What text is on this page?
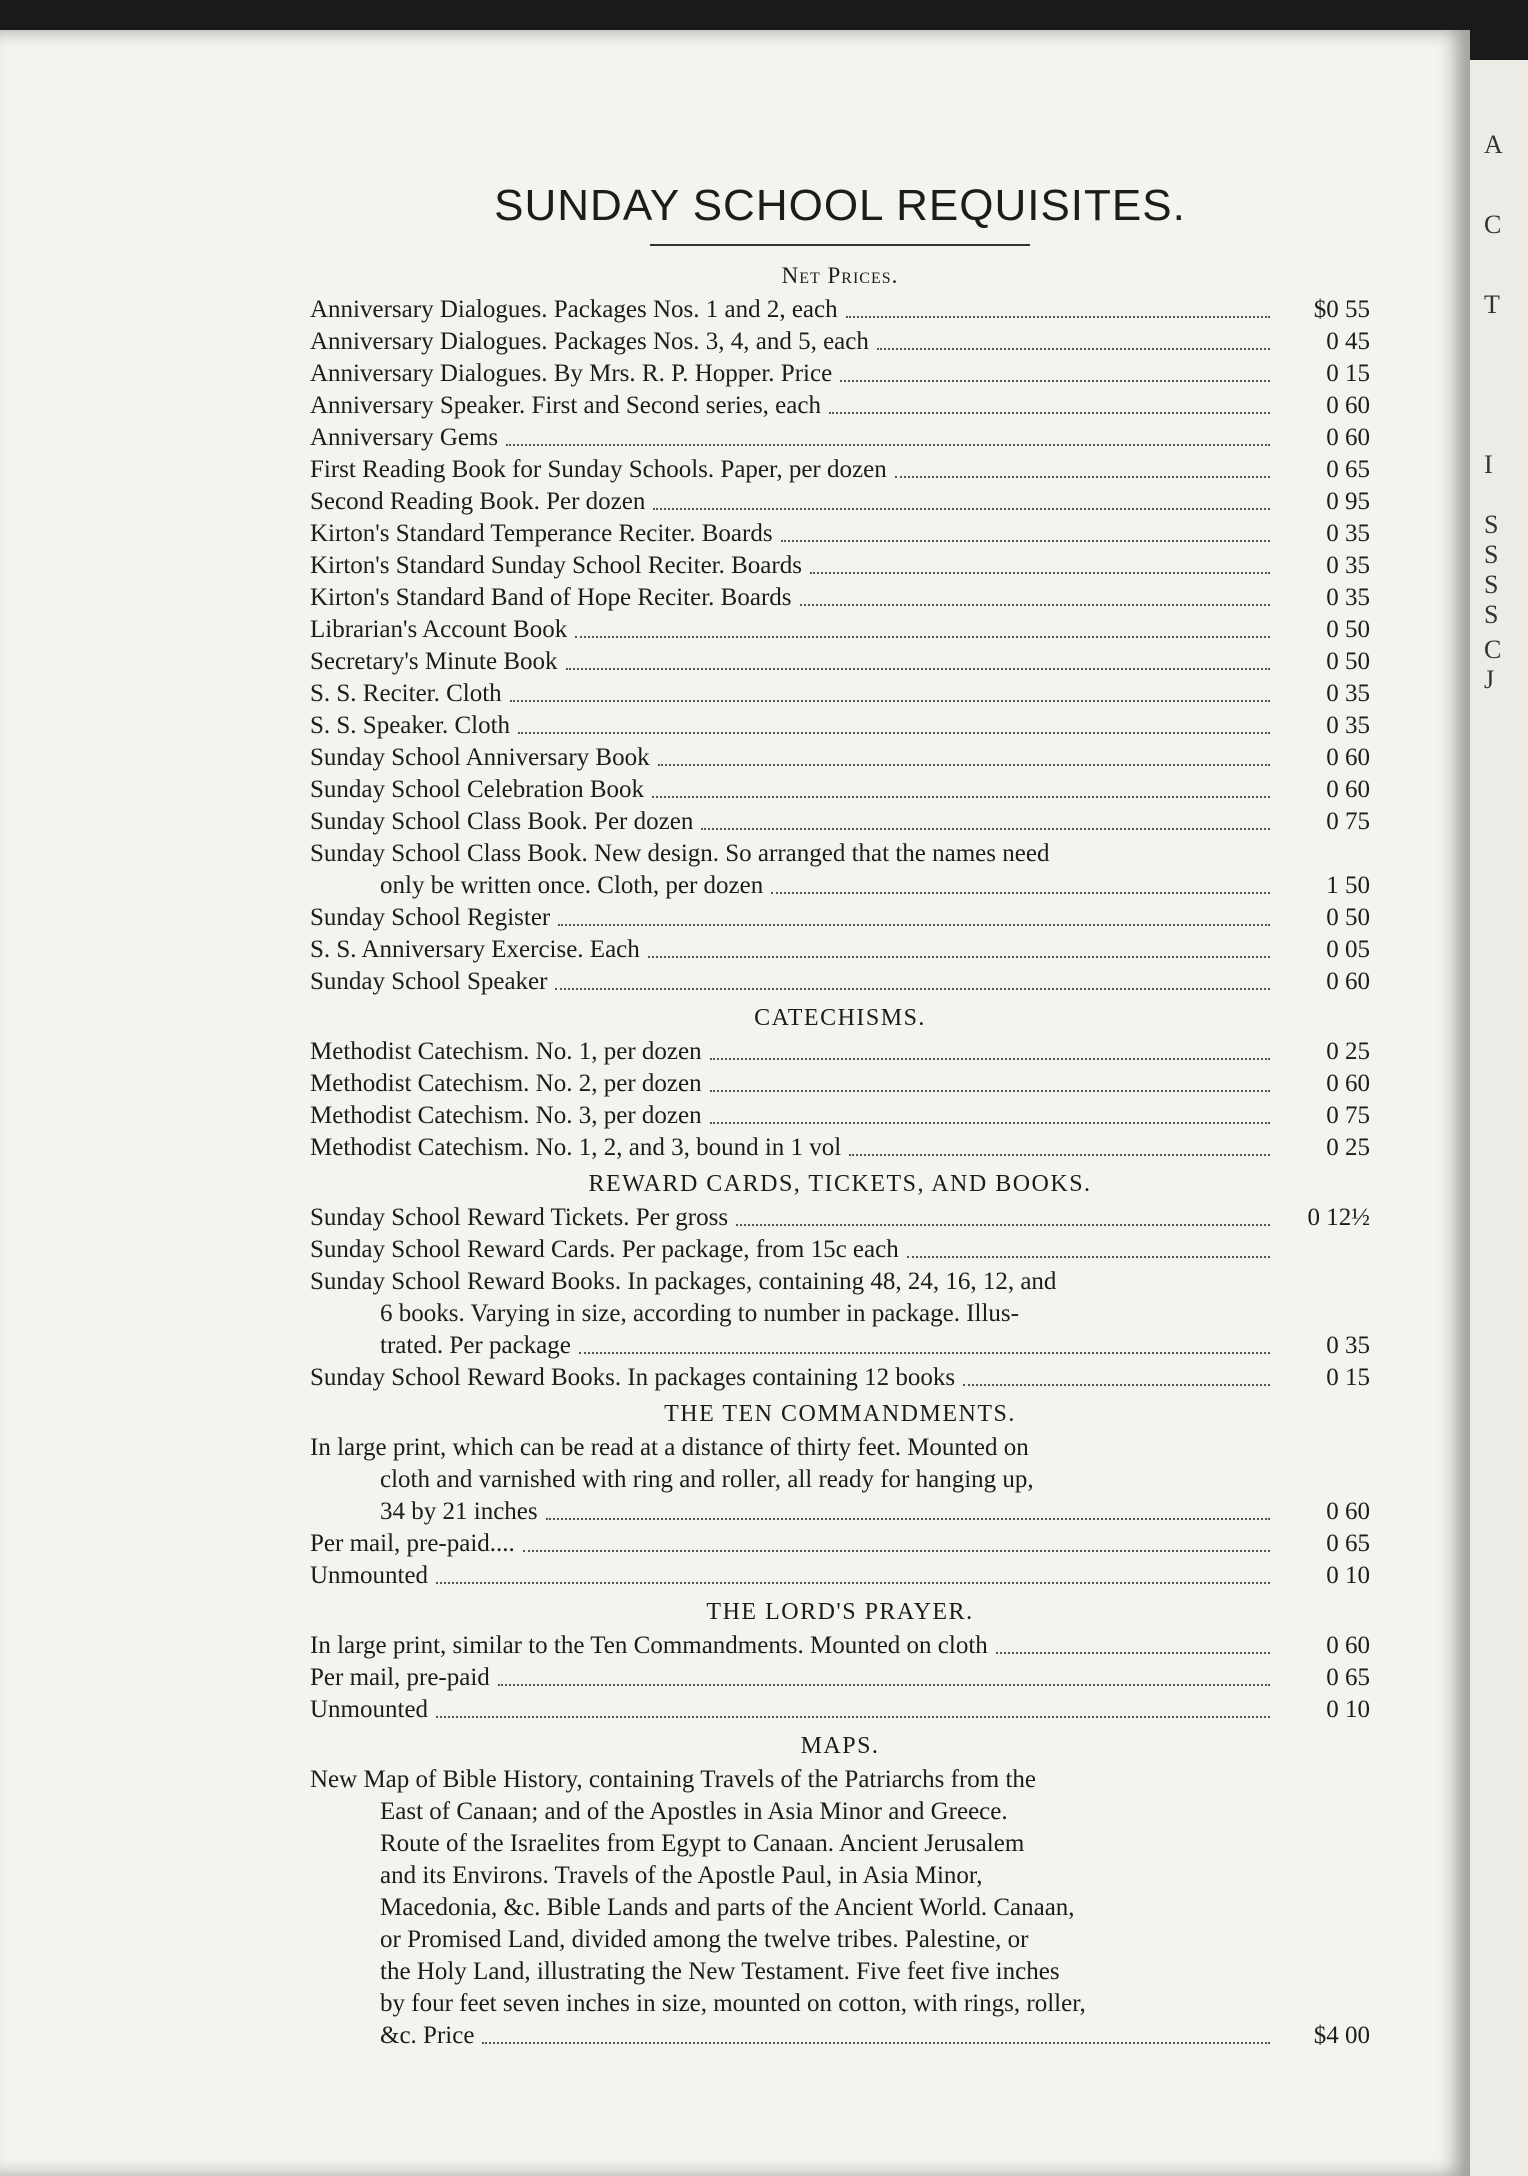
SUNDAY SCHOOL REQUISITES.
Net Prices.
Anniversary Dialogues. Packages Nos. 1 and 2, each	$0 55
Anniversary Dialogues. Packages Nos. 3, 4, and 5, each	0 45
Anniversary Dialogues. By Mrs. R. P. Hopper. Price	0 15
Anniversary Speaker. First and Second series, each	0 60
Anniversary Gems	0 60
First Reading Book for Sunday Schools. Paper, per dozen	0 65
Second Reading Book. Per dozen	0 95
Kirton's Standard Temperance Reciter. Boards	0 35
Kirton's Standard Sunday School Reciter. Boards	0 35
Kirton's Standard Band of Hope Reciter. Boards	0 35
Librarian's Account Book	0 50
Secretary's Minute Book	0 50
S. S. Reciter. Cloth	0 35
S. S. Speaker. Cloth	0 35
Sunday School Anniversary Book	0 60
Sunday School Celebration Book	0 60
Sunday School Class Book. Per dozen	0 75
Sunday School Class Book. New design. So arranged that the names need
only be written once. Cloth, per dozen	1 50
Sunday School Register	0 50
S. S. Anniversary Exercise. Each	0 05
Sunday School Speaker	0 60
CATECHISMS.
Methodist Catechism. No. 1, per dozen	0 25
Methodist Catechism. No. 2, per dozen	0 60
Methodist Catechism. No. 3, per dozen	0 75
Methodist Catechism. No. 1, 2, and 3, bound in 1 vol	0 25
REWARD CARDS, TICKETS, AND BOOKS.
Sunday School Reward Tickets. Per gross	0 12½
Sunday School Reward Cards. Per package, from 15c each
Sunday School Reward Books. In packages, containing 48, 24, 16, 12, and
6 books. Varying in size, according to number in package. Illus-
trated. Per package	0 35
Sunday School Reward Books. In packages containing 12 books	0 15
THE TEN COMMANDMENTS.
In large print, which can be read at a distance of thirty feet. Mounted on
cloth and varnished with ring and roller, all ready for hanging up,
34 by 21 inches	0 60
Per mail, pre-paid....	0 65
Unmounted	0 10
THE LORD'S PRAYER.
In large print, similar to the Ten Commandments. Mounted on cloth	0 60
Per mail, pre-paid	0 65
Unmounted	0 10
MAPS.
New Map of Bible History, containing Travels of the Patriarchs from the
East of Canaan; and of the Apostles in Asia Minor and Greece.
Route of the Israelites from Egypt to Canaan. Ancient Jerusalem
and its Environs. Travels of the Apostle Paul, in Asia Minor,
Macedonia, &c. Bible Lands and parts of the Ancient World. Canaan,
or Promised Land, divided among the twelve tribes. Palestine, or
the Holy Land, illustrating the New Testament. Five feet five inches
by four feet seven inches in size, mounted on cotton, with rings, roller,
&c. Price	$4 00
A
C
T
I
S
S
S
S
C
J
